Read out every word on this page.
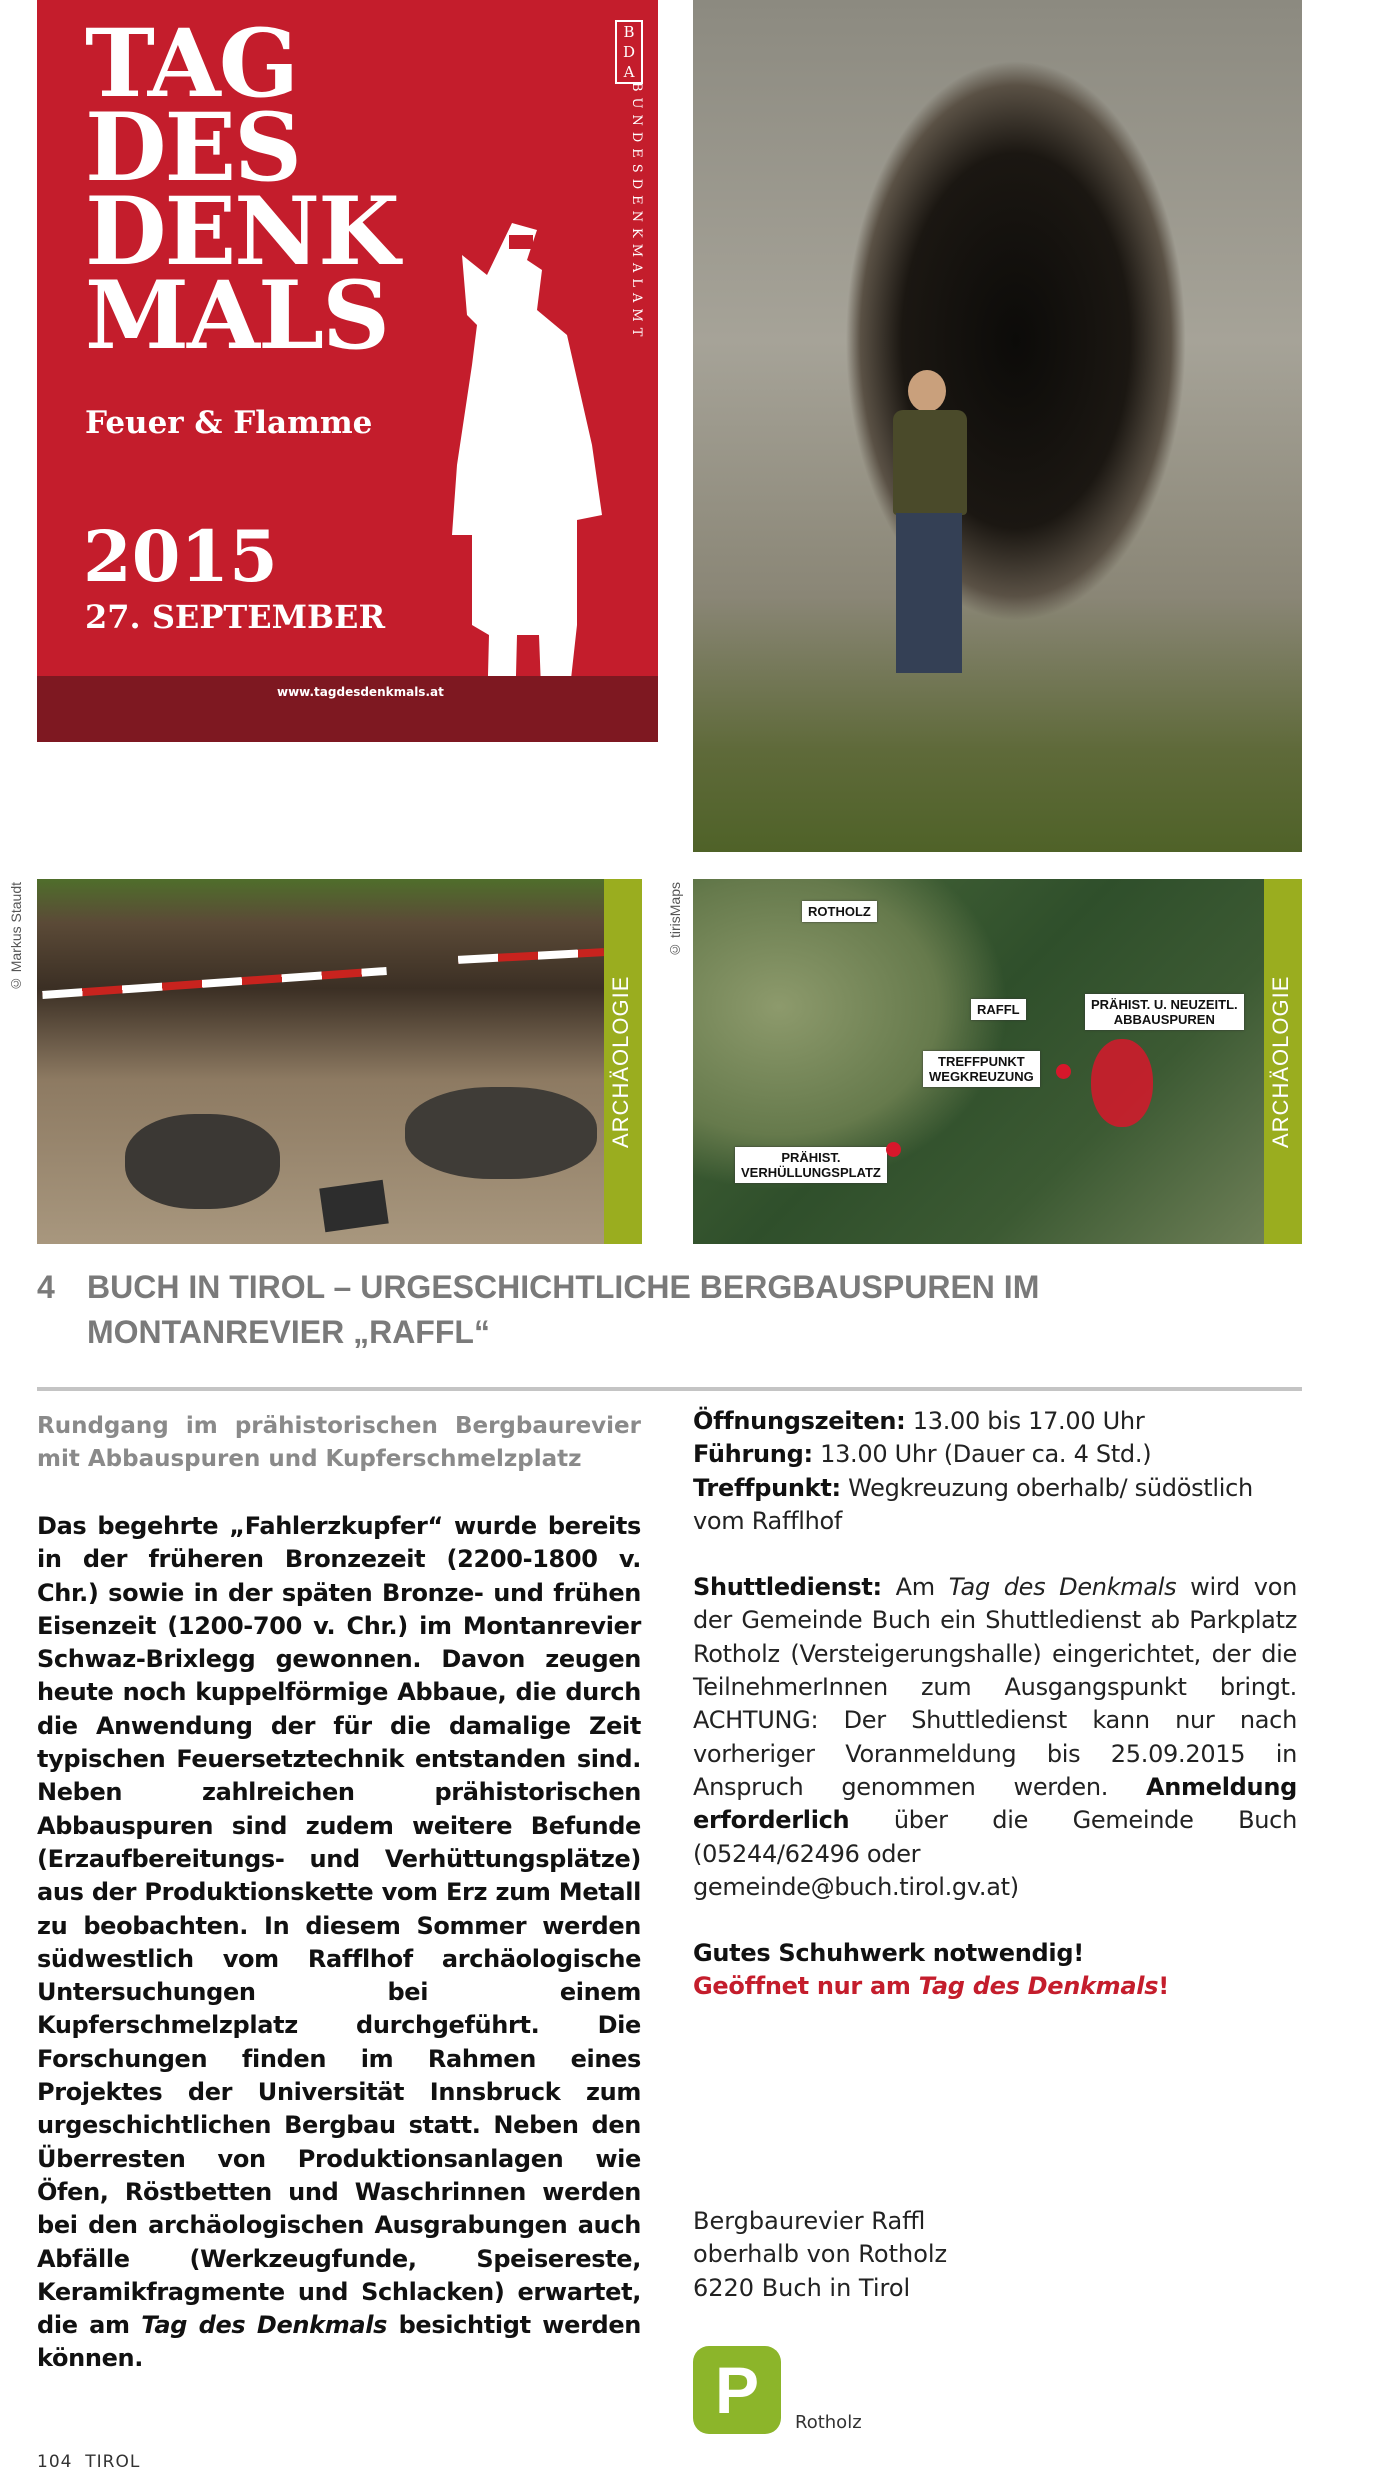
TAG
DES
DENK
MALS
Feuer & Flamme
2015
27. SEPTEMBER
B
D
A
BUNDESDENKMALAMT
www.tagdesdenkmals.at
© Markus Staudt
ARCHÄOLOGIE
© tirisMaps	ROTHOLZ
RAFFL	PRÄHIST. U. NEUZEITL.
ABBAUSPUREN
TREFFPUNKT
WEGKREUZUNG
PRÄHIST.
VERHÜLLUNGSPLATZ
ARCHÄOLOGIE
4 BUCH IN TIROL – URGESCHICHTLICHE BERGBAUSPUREN IM
MONTANREVIER „RAFFL“
Rundgang im prähistorischen Bergbaurevier mit Abbauspuren und Kupferschmelzplatz
Das begehrte „Fahlerzkupfer“ wurde bereits in der früheren Bronzezeit (2200-1800 v. Chr.) sowie in der späten Bronze- und frühen Eisenzeit (1200-700 v. Chr.) im Montanrevier Schwaz-Brixlegg gewonnen. Davon zeugen heute noch kuppelförmige Abbaue, die durch die Anwendung der für die damalige Zeit typischen Feuersetztechnik entstanden sind. Neben zahlreichen prähistorischen Abbauspuren sind zudem weitere Befunde (Erzaufbereitungs- und Verhüttungsplätze) aus der Produktionskette vom Erz zum Metall zu beobachten. In diesem Sommer werden südwestlich vom Rafflhof archäologische Untersuchungen bei einem Kupferschmelzplatz durchgeführt. Die Forschungen finden im Rahmen eines Projektes der Universität Innsbruck zum urgeschichtlichen Bergbau statt. Neben den Überresten von Produktionsanlagen wie Öfen, Röstbetten und Waschrinnen werden bei den archäologischen Ausgrabungen auch Abfälle (Werkzeugfunde, Speisereste, Keramikfragmente und Schlacken) erwartet, die am Tag des Denkmals besichtigt werden können.

Öffnungszeiten: 13.00 bis 17.00 Uhr

Führung: 13.00 Uhr (Dauer ca. 4 Std.)

Treffpunkt: Wegkreuzung oberhalb/ südöstlich vom Rafflhof

Shuttledienst: Am Tag des Denkmals wird von der Gemeinde Buch ein Shuttledienst ab Parkplatz Rotholz (Versteigerungshalle) eingerichtet, der die TeilnehmerInnen zum Ausgangspunkt bringt. ACHTUNG: Der Shuttledienst kann nur nach vorheriger Voranmeldung bis 25.09.2015 in Anspruch genommen werden. Anmeldung erforderlich über die Gemeinde Buch (05244/62496 oder

gemeinde@buch.tirol.gv.at)

Gutes Schuhwerk notwendig!

Geöffnet nur am Tag des Denkmals!

Bergbaurevier Raffl
oberhalb von Rotholz
6220 Buch in Tirol
P	Rotholz
104 TIROL
